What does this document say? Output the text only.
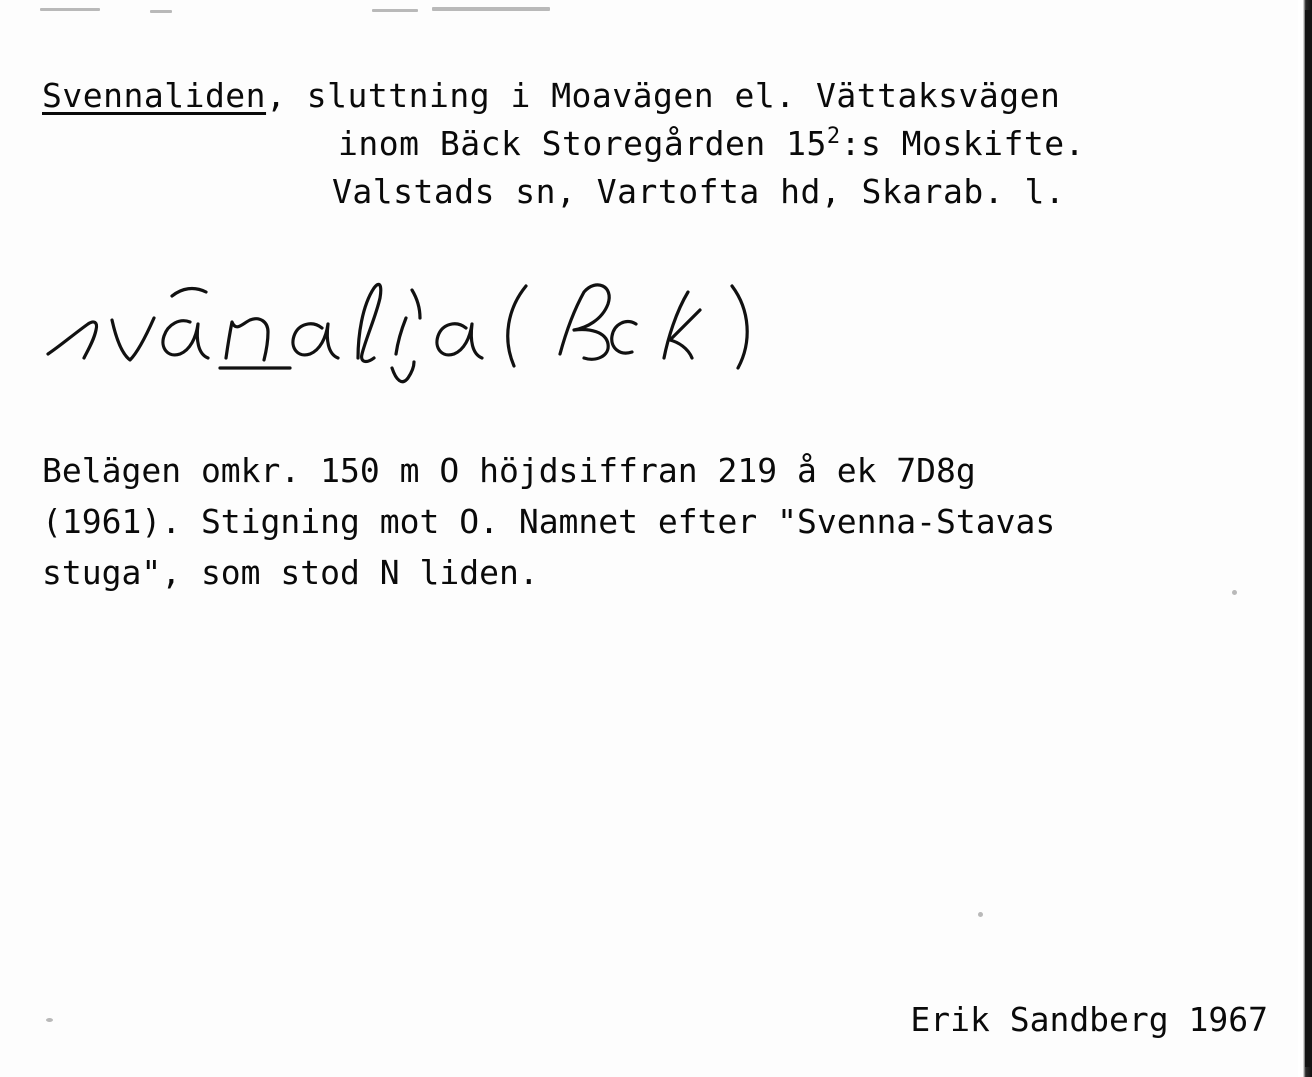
Svennaliden, sluttning i Moavägen el. Vättaksvägen
inom Bäck Storegården $15^2:s$ Moskifte.
Valstads sn, Vartofta hd, Skarab. l.
Belägen omkr. 150 m O höjdsiffran 219 å ek 7D8g
(1961). Stigning mot O. Namnet efter "Svenna-Stavas
stuga", som stod N liden.
Erik Sandberg 1967
